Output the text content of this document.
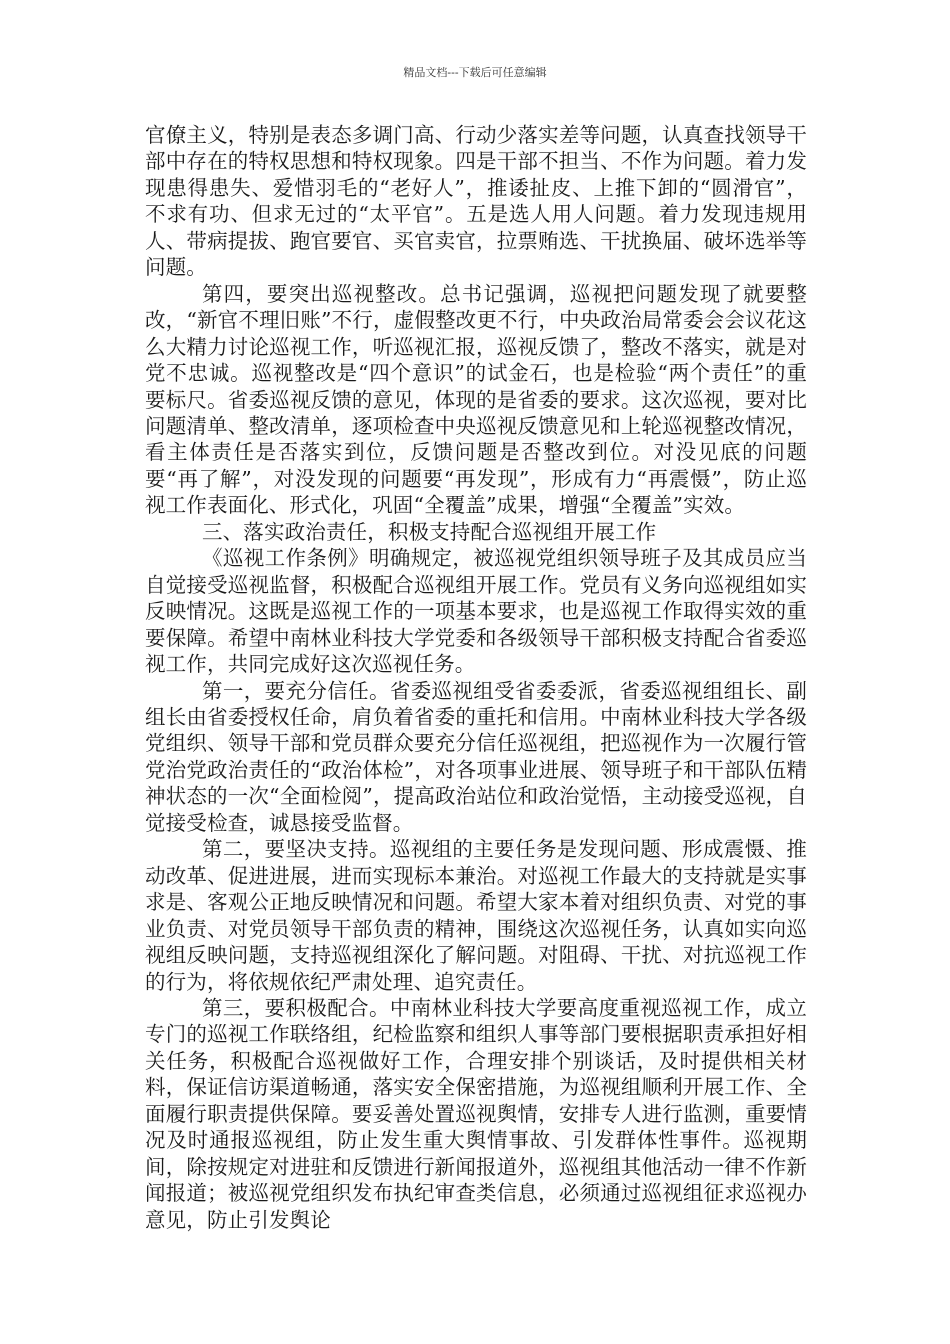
精品文档---下载后可任意编辑

官僚主义，特别是表态多调门高、行动少落实差等问题，认真查找领导干部中存在的特权思想和特权现象。四是干部不担当、不作为问题。着力发现患得患失、爱惜羽毛的“老好人”，推诿扯皮、上推下卸的“圆滑官”，不求有功、但求无过的“太平官”。五是选人用人问题。着力发现违规用人、带病提拔、跑官要官、买官卖官，拉票贿选、干扰换届、破坏选举等问题。

第四，要突出巡视整改。总书记强调，巡视把问题发现了就要整改，“新官不理旧账”不行，虚假整改更不行，中央政治局常委会会议花这么大精力讨论巡视工作，听巡视汇报，巡视反馈了，整改不落实，就是对党不忠诚。巡视整改是“四个意识”的试金石，也是检验“两个责任”的重要标尺。省委巡视反馈的意见，体现的是省委的要求。这次巡视，要对比问题清单、整改清单，逐项检查中央巡视反馈意见和上轮巡视整改情况，看主体责任是否落实到位，反馈问题是否整改到位。对没见底的问题要“再了解”，对没发现的问题要“再发现”，形成有力“再震慑”，防止巡视工作表面化、形式化，巩固“全覆盖”成果，增强“全覆盖”实效。

三、落实政治责任，积极支持配合巡视组开展工作

《巡视工作条例》明确规定，被巡视党组织领导班子及其成员应当自觉接受巡视监督，积极配合巡视组开展工作。党员有义务向巡视组如实反映情况。这既是巡视工作的一项基本要求，也是巡视工作取得实效的重要保障。希望中南林业科技大学党委和各级领导干部积极支持配合省委巡视工作，共同完成好这次巡视任务。

第一，要充分信任。省委巡视组受省委委派，省委巡视组组长、副组长由省委授权任命，肩负着省委的重托和信用。中南林业科技大学各级党组织、领导干部和党员群众要充分信任巡视组，把巡视作为一次履行管党治党政治责任的“政治体检”，对各项事业进展、领导班子和干部队伍精神状态的一次“全面检阅”，提高政治站位和政治觉悟，主动接受巡视，自觉接受检查，诚恳接受监督。

第二，要坚决支持。巡视组的主要任务是发现问题、形成震慑、推动改革、促进进展，进而实现标本兼治。对巡视工作最大的支持就是实事求是、客观公正地反映情况和问题。希望大家本着对组织负责、对党的事业负责、对党员领导干部负责的精神，围绕这次巡视任务，认真如实向巡视组反映问题，支持巡视组深化了解问题。对阻碍、干扰、对抗巡视工作的行为，将依规依纪严肃处理、追究责任。

第三，要积极配合。中南林业科技大学要高度重视巡视工作，成立专门的巡视工作联络组，纪检监察和组织人事等部门要根据职责承担好相关任务，积极配合巡视做好工作，合理安排个别谈话，及时提供相关材料，保证信访渠道畅通，落实安全保密措施，为巡视组顺利开展工作、全面履行职责提供保障。要妥善处置巡视舆情，安排专人进行监测，重要情况及时通报巡视组，防止发生重大舆情事故、引发群体性事件。巡视期间，除按规定对进驻和反馈进行新闻报道外，巡视组其他活动一律不作新闻报道；被巡视党组织发布执纪审查类信息，必须通过巡视组征求巡视办意见，防止引发舆论
